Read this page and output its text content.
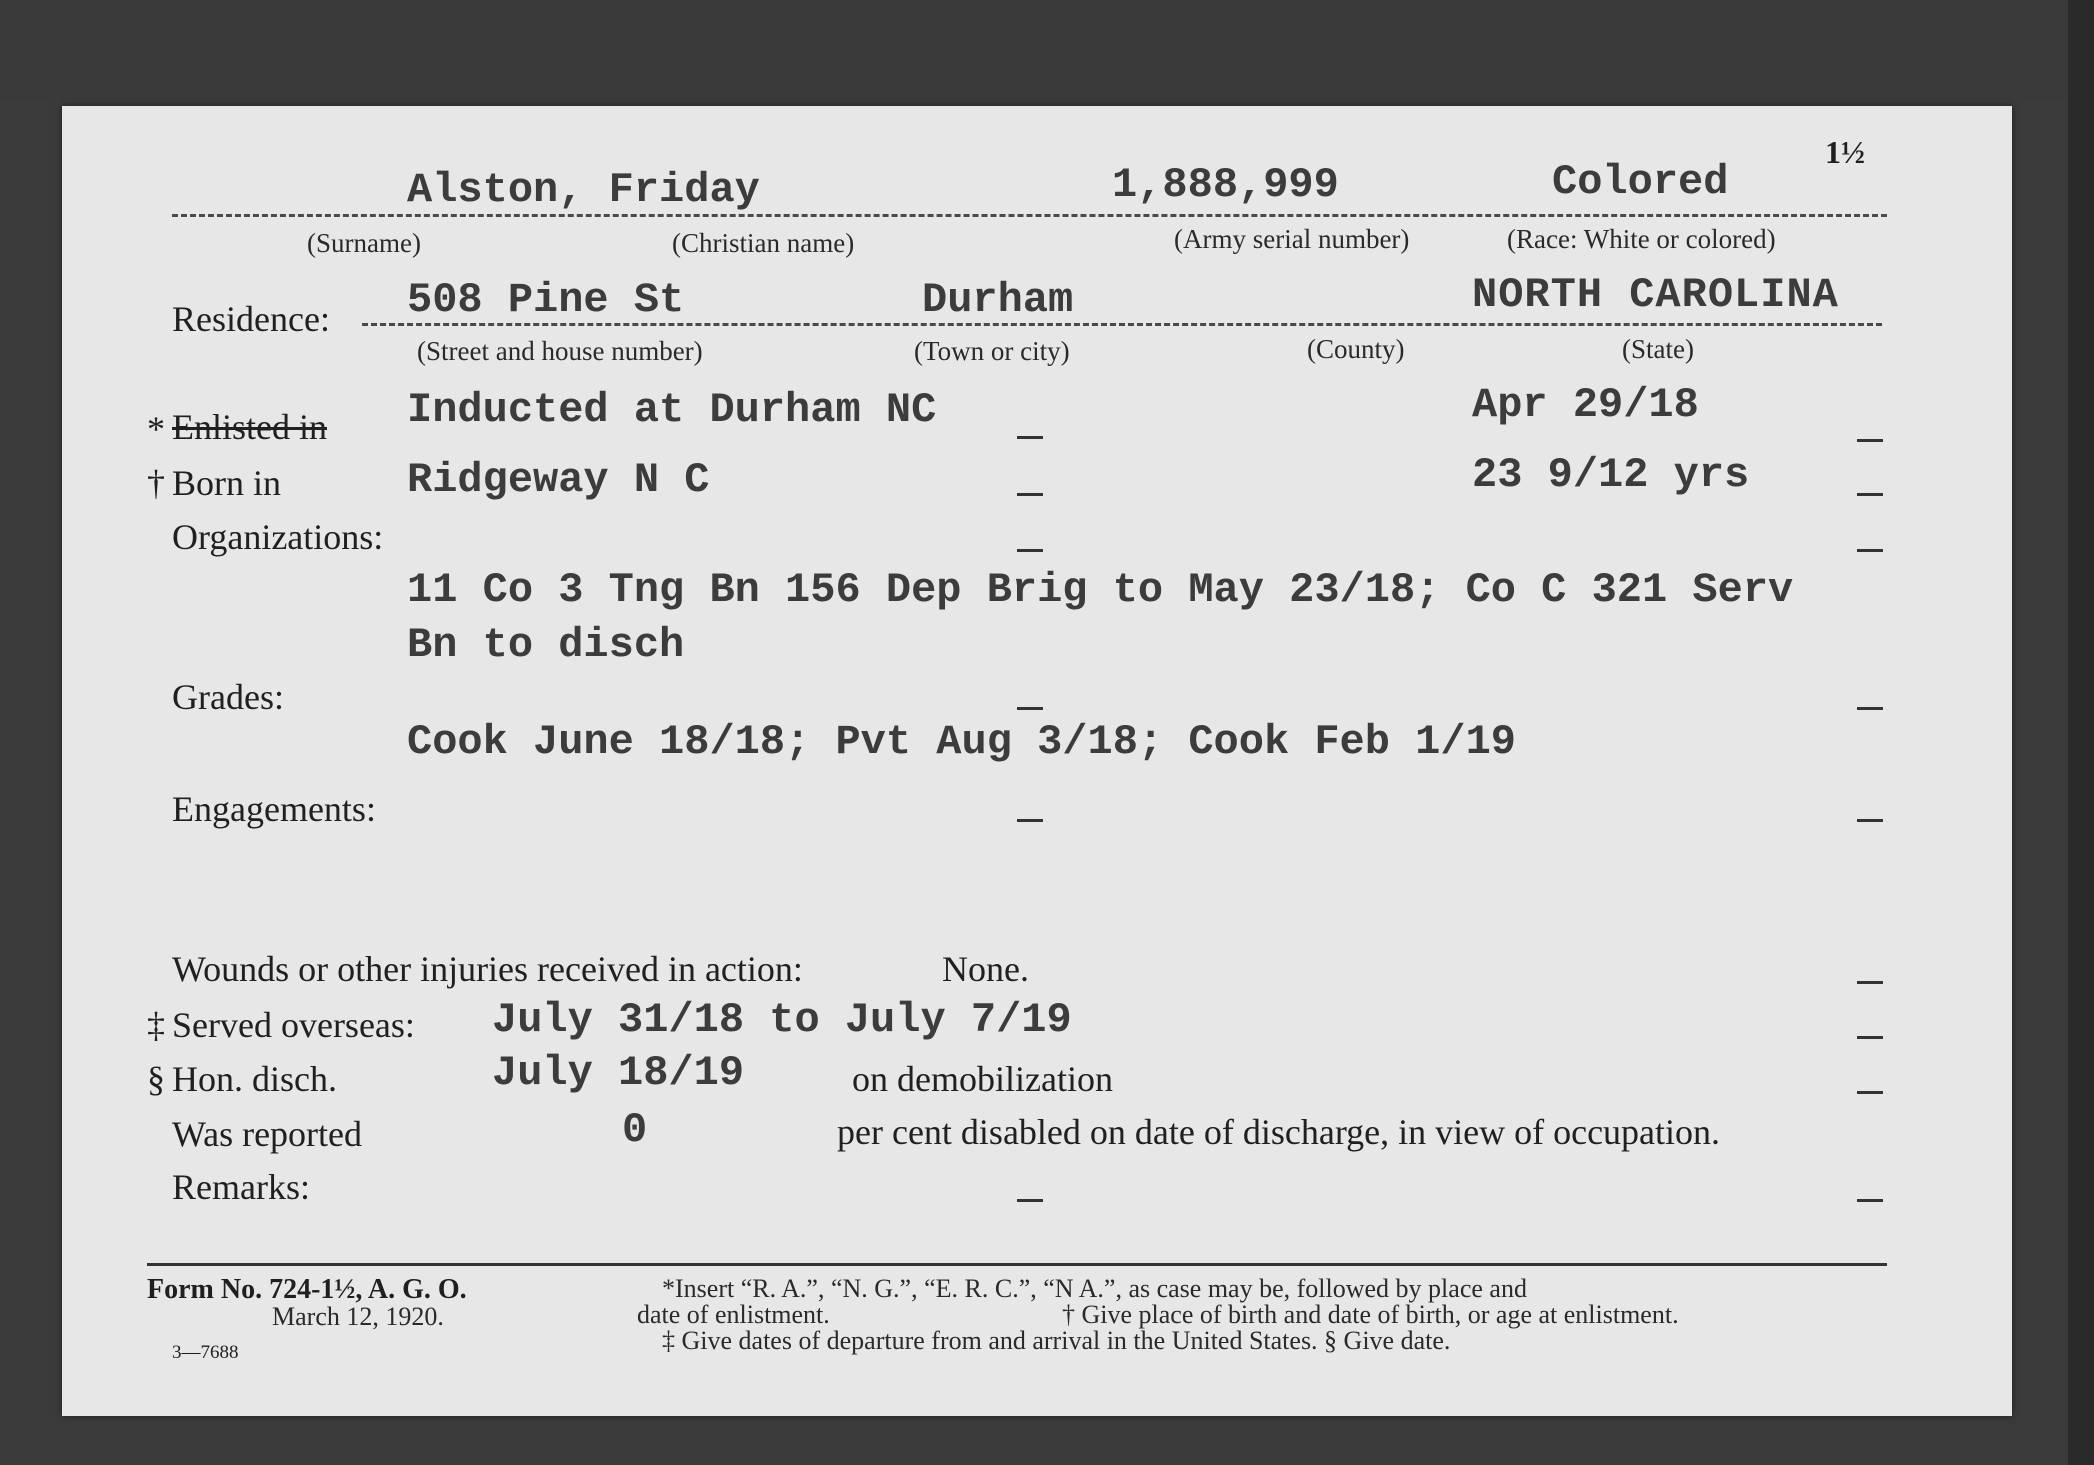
1½
Alston, Friday	1,888,999	Colored
(Surname)	(Christian name)	(Army serial number)	(Race: White or colored)
Residence: 508 Pine St	Durham	NORTH CAROLINA
(Street and house number)	(Town or city)	(County)	(State)
* Enlisted in Inducted at Durham NC	Apr 29/18
† Born in	Ridgeway N C	23 9/12 yrs
Organizations:
11 Co 3 Tng Bn 156 Dep Brig to May 23/18; Co C 321 Serv
Bn to disch
Grades:
Cook June 18/18; Pvt Aug 3/18; Cook Feb 1/19
Engagements:
Wounds or other injuries received in action:	None.
‡ Served overseas: July 31/18 to July 7/19
§ Hon. disch.	July 18/19	on demobilization
Was reported	0	per cent disabled on date of discharge, in view of occupation.
Remarks:
Form No. 724-1½, A. G. O.
March 12, 1920.
3—7688
*Insert “R. A.”, “N. G.”, “E. R. C.”, “N A.”, as case may be, followed by place and
date of enlistment.	† Give place of birth and date of birth, or age at enlistment.
‡ Give dates of departure from and arrival in the United States. § Give date.
